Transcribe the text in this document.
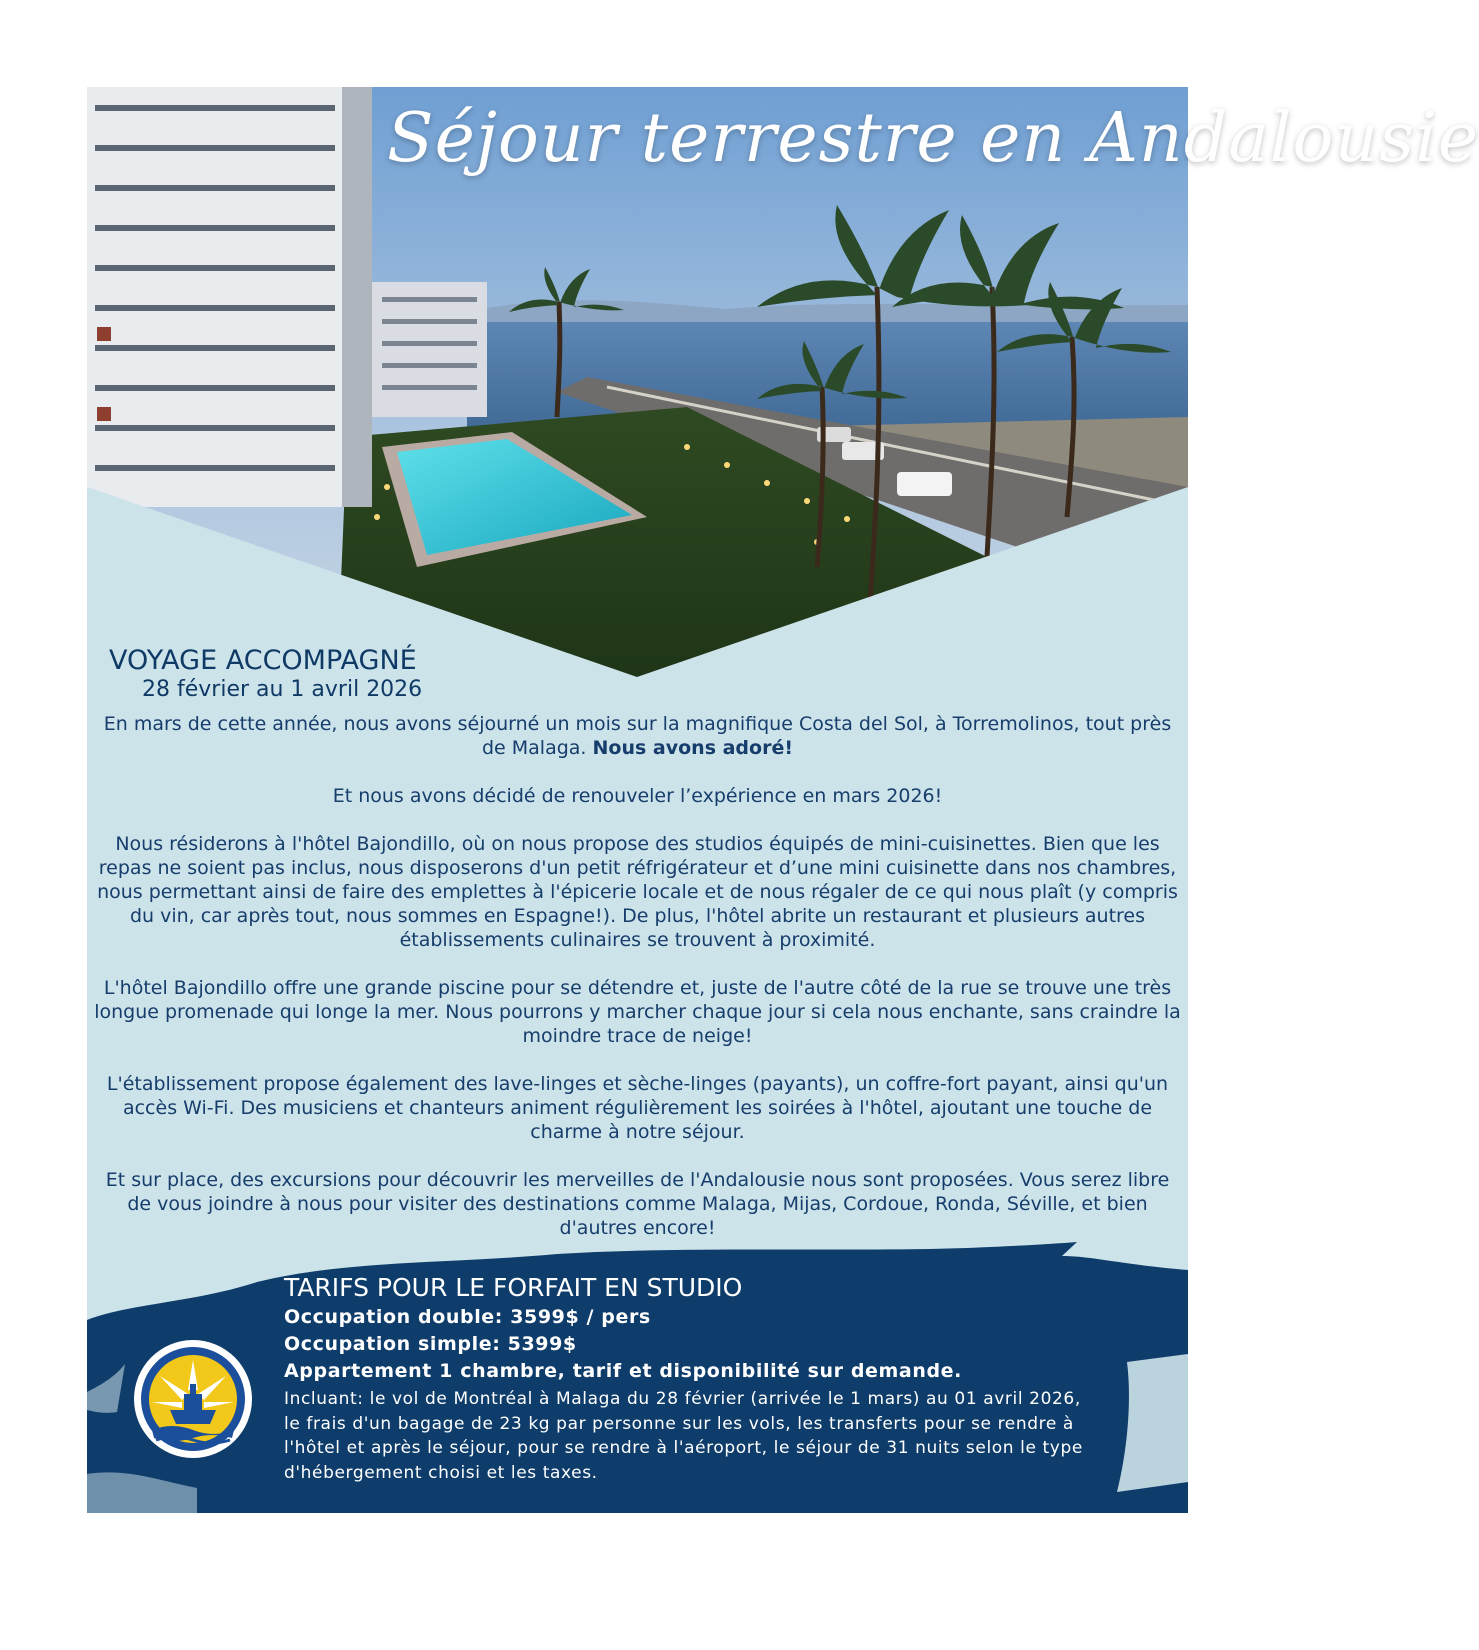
Séjour terrestre en Andalousie
VOYAGE ACCOMPAGNÉ
28 février au 1 avril 2026

En mars de cette année, nous avons séjourné un mois sur la magnifique Costa del Sol, à Torremolinos, tout près de Malaga. Nous avons adoré!

Et nous avons décidé de renouveler l’expérience en mars 2026!

Nous résiderons à l'hôtel Bajondillo, où on nous propose des studios équipés de mini-cuisinettes. Bien que les repas ne soient pas inclus, nous disposerons d'un petit réfrigérateur et d’une mini cuisinette dans nos chambres, nous permettant ainsi de faire des emplettes à l'épicerie locale et de nous régaler de ce qui nous plaît (y compris du vin, car après tout, nous sommes en Espagne!). De plus, l'hôtel abrite un restaurant et plusieurs autres établissements culinaires se trouvent à proximité.

L'hôtel Bajondillo offre une grande piscine pour se détendre et, juste de l'autre côté de la rue se trouve une très longue promenade qui longe la mer. Nous pourrons y marcher chaque jour si cela nous enchante, sans craindre la moindre trace de neige!

L'établissement propose également des lave-linges et sèche-linges (payants), un coffre-fort payant, ainsi qu'un accès Wi-Fi. Des musiciens et chanteurs animent régulièrement les soirées à l'hôtel, ajoutant une touche de charme à notre séjour.

Et sur place, des excursions pour découvrir les merveilles de l'Andalousie nous sont proposées. Vous serez libre de vous joindre à nous pour visiter des destinations comme Malaga, Mijas, Cordoue, Ronda, Séville, et bien d'autres encore!

TARIFS POUR LE FORFAIT EN STUDIO
Occupation double: 3599$ / pers
Occupation simple: 5399$
Appartement 1 chambre, tarif et disponibilité sur demande.
Incluant: le vol de Montréal à Malaga du 28 février (arrivée le 1 mars) au 01 avril 2026, le frais d'un bagage de 23 kg par personne sur les vols, les transferts pour se rendre à l'hôtel et après le séjour, pour se rendre à l'aéroport, le séjour de 31 nuits selon le type d'hébergement choisi et les taxes.
